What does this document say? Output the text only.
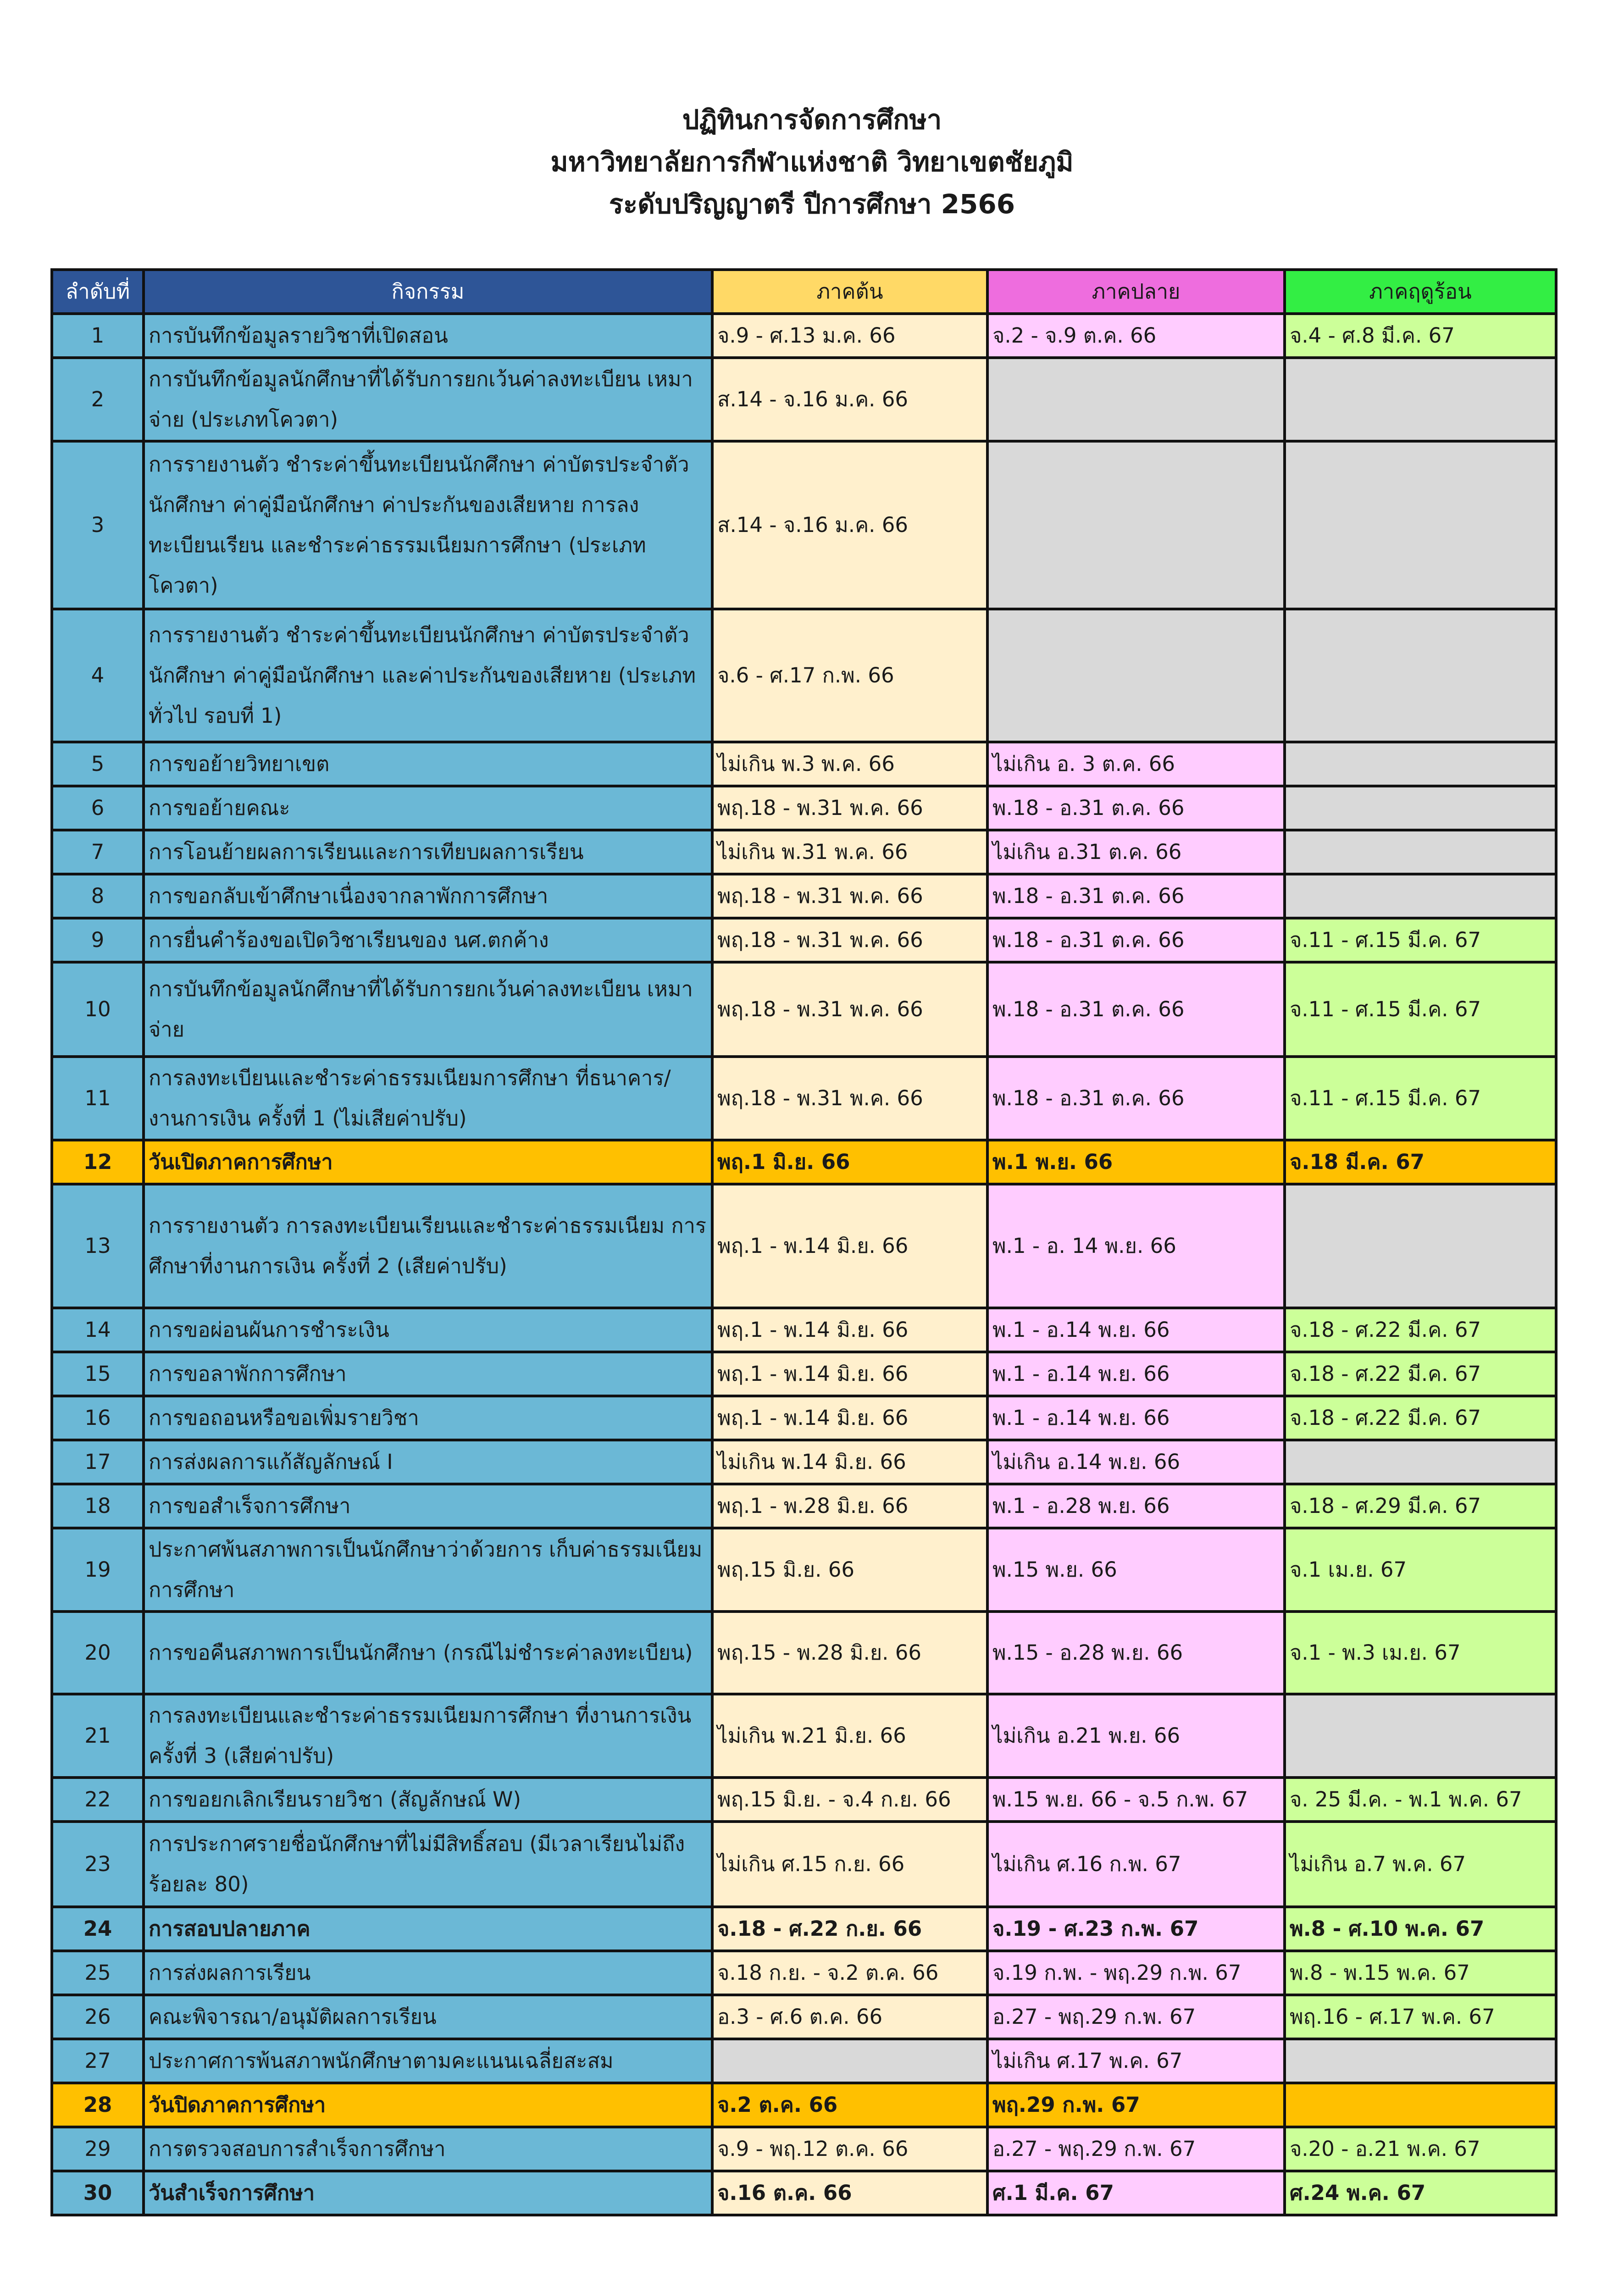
ปฏิทินการจัดการศึกษา
มหาวิทยาลัยการกีฬาแห่งชาติ วิทยาเขตชัยภูมิ
ระดับปริญญาตรี ปีการศึกษา 2566
ลำดับที่	กิจกรรม	ภาคต้น	ภาคปลาย	ภาคฤดูร้อน
1	การบันทึกข้อมูลรายวิชาที่เปิดสอน	จ.9 - ศ.13 ม.ค. 66	จ.2 - จ.9 ต.ค. 66	จ.4 - ศ.8 มี.ค. 67
2	การบันทึกข้อมูลนักศึกษาที่ได้รับการยกเว้นค่าลงทะเบียน เหมาจ่าย (ประเภทโควตา)	ส.14 - จ.16 ม.ค. 66		
3	การรายงานตัว ชำระค่าขึ้นทะเบียนนักศึกษา ค่าบัตรประจำตัวนักศึกษา ค่าคู่มือนักศึกษา ค่าประกันของเสียหาย การลงทะเบียนเรียน และชำระค่าธรรมเนียมการศึกษา (ประเภทโควตา)	ส.14 - จ.16 ม.ค. 66		
4	การรายงานตัว ชำระค่าขึ้นทะเบียนนักศึกษา ค่าบัตรประจำตัวนักศึกษา ค่าคู่มือนักศึกษา และค่าประกันของเสียหาย (ประเภททั่วไป รอบที่ 1)	จ.6 - ศ.17 ก.พ. 66		
5	การขอย้ายวิทยาเขต	ไม่เกิน พ.3 พ.ค. 66	ไม่เกิน อ. 3 ต.ค. 66	
6	การขอย้ายคณะ	พฤ.18 - พ.31 พ.ค. 66	พ.18 - อ.31 ต.ค. 66	
7	การโอนย้ายผลการเรียนและการเทียบผลการเรียน	ไม่เกิน พ.31 พ.ค. 66	ไม่เกิน อ.31 ต.ค. 66	
8	การขอกลับเข้าศึกษาเนื่องจากลาพักการศึกษา	พฤ.18 - พ.31 พ.ค. 66	พ.18 - อ.31 ต.ค. 66	
9	การยื่นคำร้องขอเปิดวิชาเรียนของ นศ.ตกค้าง	พฤ.18 - พ.31 พ.ค. 66	พ.18 - อ.31 ต.ค. 66	จ.11 - ศ.15 มี.ค. 67
10	การบันทึกข้อมูลนักศึกษาที่ได้รับการยกเว้นค่าลงทะเบียน เหมาจ่าย	พฤ.18 - พ.31 พ.ค. 66	พ.18 - อ.31 ต.ค. 66	จ.11 - ศ.15 มี.ค. 67
11	การลงทะเบียนและชำระค่าธรรมเนียมการศึกษา ที่ธนาคาร/งานการเงิน ครั้งที่ 1 (ไม่เสียค่าปรับ)	พฤ.18 - พ.31 พ.ค. 66	พ.18 - อ.31 ต.ค. 66	จ.11 - ศ.15 มี.ค. 67
12	วันเปิดภาคการศึกษา	พฤ.1 มิ.ย. 66	พ.1 พ.ย. 66	จ.18 มี.ค. 67
13	การรายงานตัว การลงทะเบียนเรียนและชำระค่าธรรมเนียม การศึกษาที่งานการเงิน ครั้งที่ 2 (เสียค่าปรับ)	พฤ.1 - พ.14 มิ.ย. 66	พ.1 - อ. 14 พ.ย. 66	
14	การขอผ่อนผันการชำระเงิน	พฤ.1 - พ.14 มิ.ย. 66	พ.1 - อ.14 พ.ย. 66	จ.18 - ศ.22 มี.ค. 67
15	การขอลาพักการศึกษา	พฤ.1 - พ.14 มิ.ย. 66	พ.1 - อ.14 พ.ย. 66	จ.18 - ศ.22 มี.ค. 67
16	การขอถอนหรือขอเพิ่มรายวิชา	พฤ.1 - พ.14 มิ.ย. 66	พ.1 - อ.14 พ.ย. 66	จ.18 - ศ.22 มี.ค. 67
17	การส่งผลการแก้สัญลักษณ์ I	ไม่เกิน พ.14 มิ.ย. 66	ไม่เกิน อ.14 พ.ย. 66	
18	การขอสำเร็จการศึกษา	พฤ.1 - พ.28 มิ.ย. 66	พ.1 - อ.28 พ.ย. 66	จ.18 - ศ.29 มี.ค. 67
19	ประกาศพ้นสภาพการเป็นนักศึกษาว่าด้วยการ เก็บค่าธรรมเนียมการศึกษา	พฤ.15 มิ.ย. 66	พ.15 พ.ย. 66	จ.1 เม.ย. 67
20	การขอคืนสภาพการเป็นนักศึกษา (กรณีไม่ชำระค่าลงทะเบียน)	พฤ.15 - พ.28 มิ.ย. 66	พ.15 - อ.28 พ.ย. 66	จ.1 - พ.3 เม.ย. 67
21	การลงทะเบียนและชำระค่าธรรมเนียมการศึกษา ที่งานการเงิน ครั้งที่ 3 (เสียค่าปรับ)	ไม่เกิน พ.21 มิ.ย. 66	ไม่เกิน อ.21 พ.ย. 66	
22	การขอยกเลิกเรียนรายวิชา (สัญลักษณ์ W)	พฤ.15 มิ.ย. - จ.4 ก.ย. 66	พ.15 พ.ย. 66 - จ.5 ก.พ. 67	จ. 25 มี.ค. - พ.1 พ.ค. 67
23	การประกาศรายชื่อนักศึกษาที่ไม่มีสิทธิ์สอบ (มีเวลาเรียนไม่ถึงร้อยละ 80)	ไม่เกิน ศ.15 ก.ย. 66	ไม่เกิน ศ.16 ก.พ. 67	ไม่เกิน อ.7 พ.ค. 67
24	การสอบปลายภาค	จ.18 - ศ.22 ก.ย. 66	จ.19 - ศ.23 ก.พ. 67	พ.8 - ศ.10 พ.ค. 67
25	การส่งผลการเรียน	จ.18 ก.ย. - จ.2 ต.ค. 66	จ.19 ก.พ. - พฤ.29 ก.พ. 67	พ.8 - พ.15 พ.ค. 67
26	คณะพิจารณา/อนุมัติผลการเรียน	อ.3 - ศ.6 ต.ค. 66	อ.27 - พฤ.29 ก.พ. 67	พฤ.16 - ศ.17 พ.ค. 67
27	ประกาศการพ้นสภาพนักศึกษาตามคะแนนเฉลี่ยสะสม		ไม่เกิน ศ.17 พ.ค. 67	
28	วันปิดภาคการศึกษา	จ.2 ต.ค. 66	พฤ.29 ก.พ. 67	
29	การตรวจสอบการสำเร็จการศึกษา	จ.9 - พฤ.12 ต.ค. 66	อ.27 - พฤ.29 ก.พ. 67	จ.20 - อ.21 พ.ค. 67
30	วันสำเร็จการศึกษา	จ.16 ต.ค. 66	ศ.1 มี.ค. 67	ศ.24 พ.ค. 67
